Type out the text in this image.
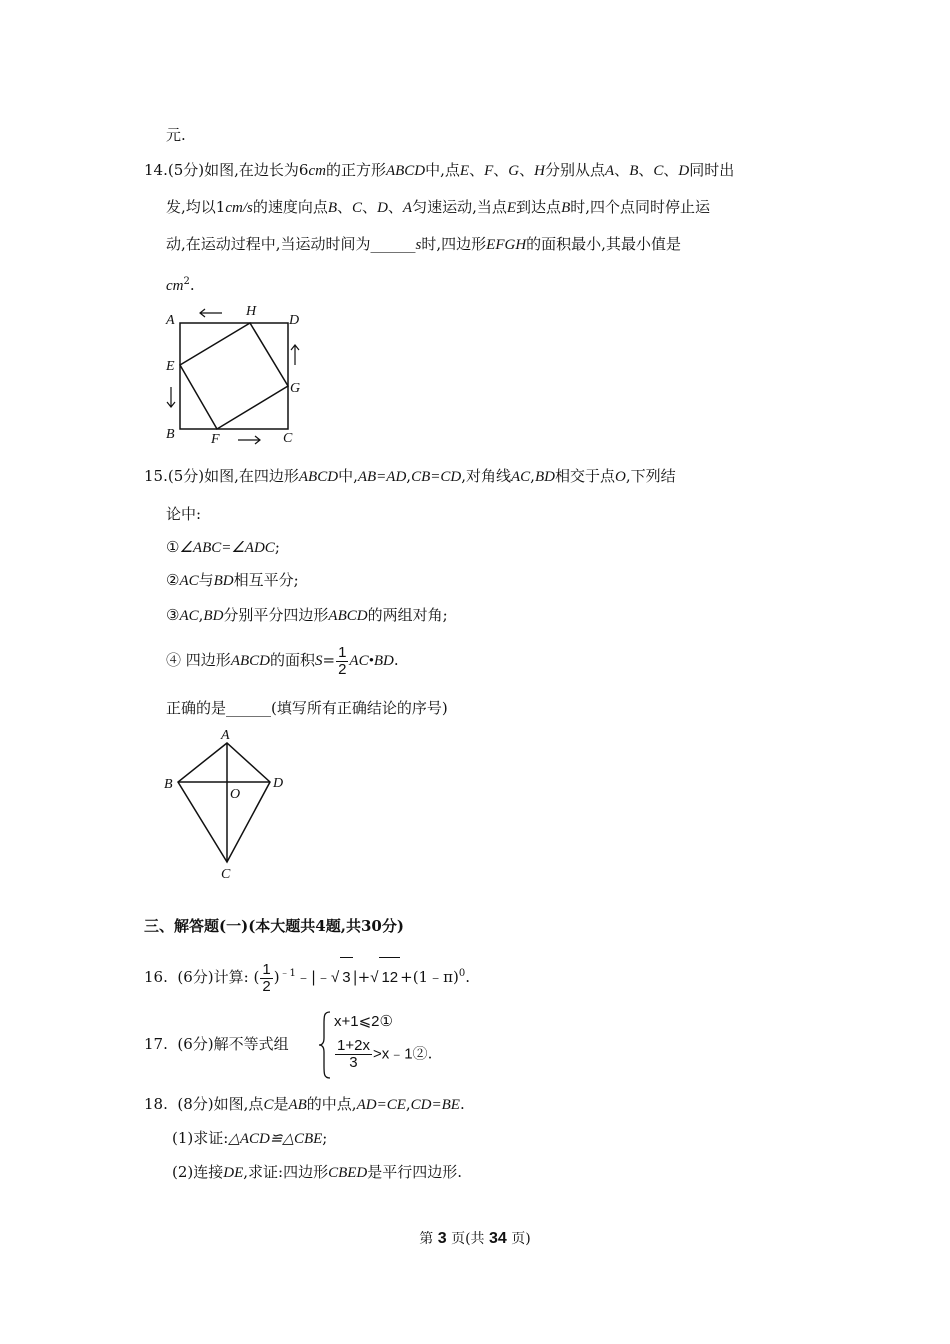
元.
14.(5分)如图,在边长为6cm的正方形ABCD中,点E、F、G、H分别从点A、B、C、D同时出
发,均以1cm/s的速度向点B、C、D、A匀速运动,当点E到达点B时,四个点同时停止运
动,在运动过程中,当运动时间为______s时,四边形EFGH的面积最小,其最小值是
$cm^2$.
A
H
D
E
G
B	F	C
15.(5分)如图,在四边形ABCD中,AB=AD,CB=CD,对角线AC,BD相交于点O,下列结
论中:
①∠ABC=∠ADC;
②AC与BD相互平分;
③AC,BD分别平分四边形ABCD的两组对角;
④ 四边形ABCD的面积$S= \frac{1}{2}$ AC•BD.
正确的是______(填写所有正确结论的序号)
A
B	D
O
C
三、解答题(一)(本大题共4题,共30分)
16. (6分)计算: ( $\frac{1}{2}$ )$^{﹣1}$﹣|﹣√ 3 |+√ 12 +(1﹣π)$^0$.
17. (6分)解不等式组
x+1⩽2①
$\frac{1+2x}{3}$ >x﹣1②.
18. (8分)如图,点C是AB的中点,AD=CE,CD=BE.
(1)求证:△ACD≌△CBE;
(2)连接DE,求证:四边形CBED是平行四边形.
第 3 页(共 34 页)
